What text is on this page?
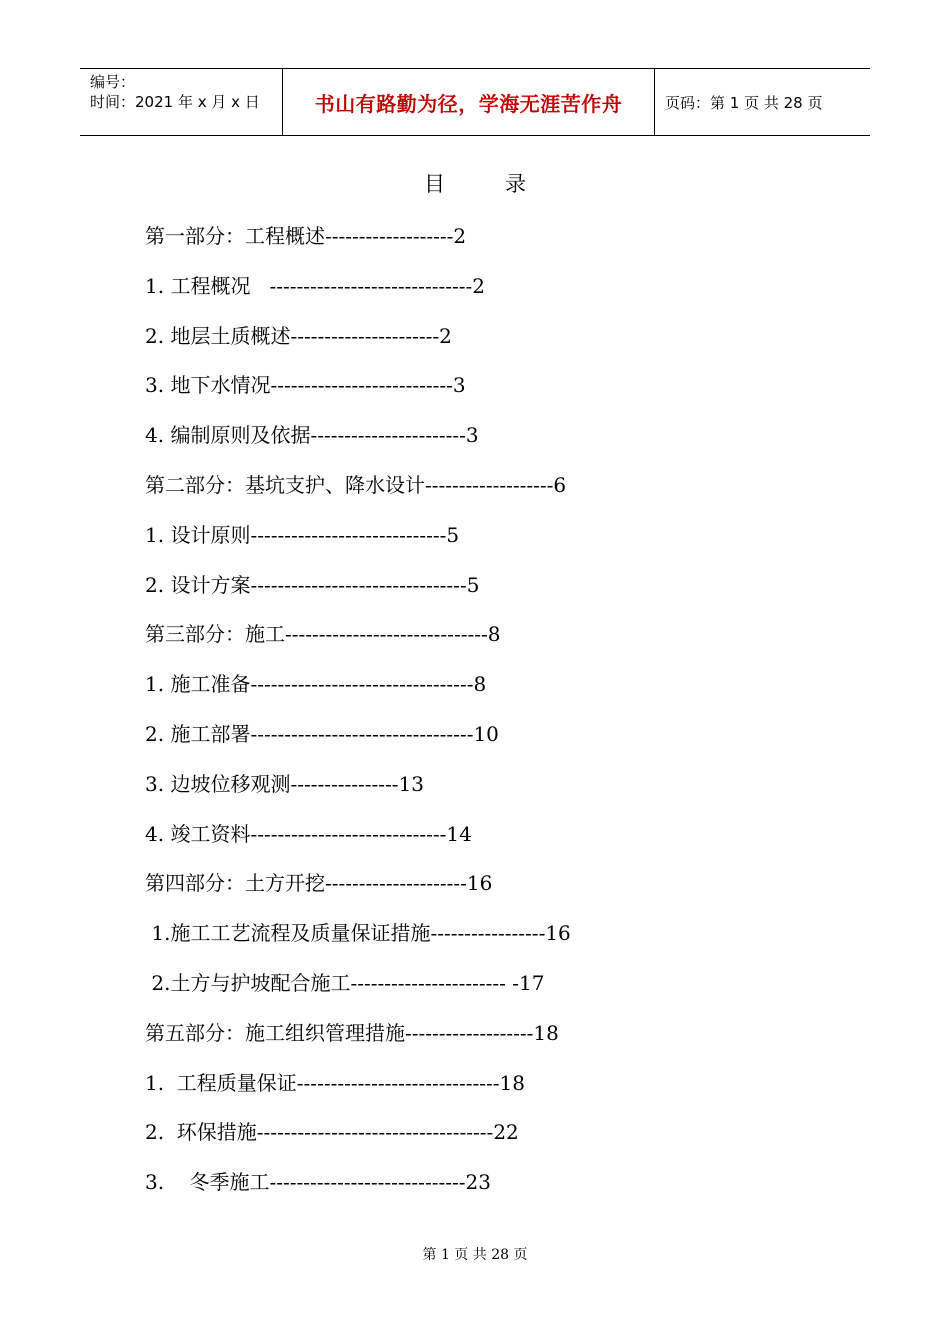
编号：
时间：2021 年 x 月 x 日	书山有路勤为径，学海无涯苦作舟	页码：第 1 页 共 28 页
目录
第一部分：工程概述-------------------2
1. 工程概况   ------------------------------2
2. 地层土质概述----------------------2
3. 地下水情况---------------------------3
4. 编制原则及依据-----------------------3
第二部分：基坑支护、降水设计-------------------6
1. 设计原则-----------------------------5
2. 设计方案--------------------------------5
第三部分：施工------------------------------8
1. 施工准备---------------------------------8
2. 施工部署---------------------------------10
3. 边坡位移观测----------------13
4. 竣工资料-----------------------------14
第四部分：土方开挖---------------------16
1.施工工艺流程及质量保证措施-----------------16
2.土方与护坡配合施工----------------------- -17
第五部分：施工组织管理措施-------------------18
1.  工程质量保证------------------------------18
2.  环保措施-----------------------------------22
3.    冬季施工-----------------------------23
第 1 页 共 28 页
